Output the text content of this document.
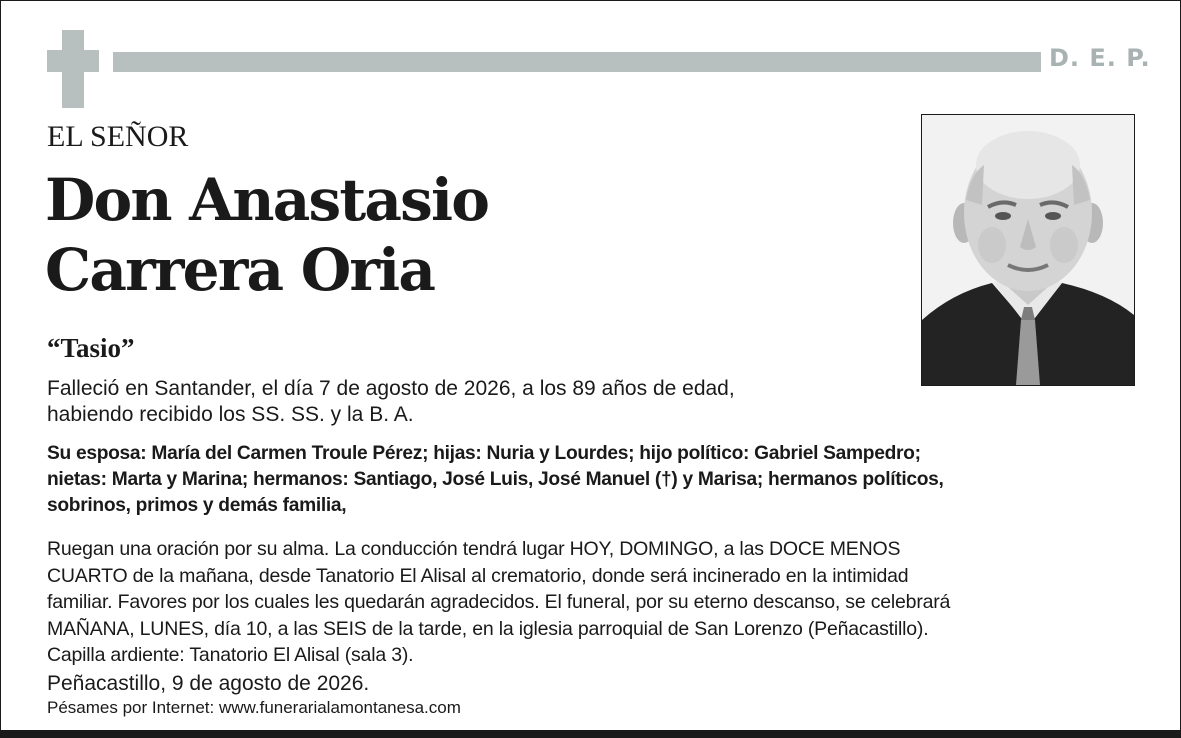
D. E. P.
EL SEÑOR
Don Anastasio
Carrera Oria
“Tasio”
Falleció en Santander, el día 7 de agosto de 2026, a los 89 años de edad,
habiendo recibido los SS. SS. y la B. A.
Su esposa: María del Carmen Troule Pérez; hijas: Nuria y Lourdes; hijo político: Gabriel Sampedro;
nietas: Marta y Marina; hermanos: Santiago, José Luis, José Manuel (†) y Marisa; hermanos políticos,
sobrinos, primos y demás familia,
Ruegan una oración por su alma. La conducción tendrá lugar HOY, DOMINGO, a las DOCE MENOS
CUARTO de la mañana, desde Tanatorio El Alisal al crematorio, donde será incinerado en la intimidad
familiar. Favores por los cuales les quedarán agradecidos. El funeral, por su eterno descanso, se celebrará
MAÑANA, LUNES, día 10, a las SEIS de la tarde, en la iglesia parroquial de San Lorenzo (Peñacastillo).
Capilla ardiente: Tanatorio El Alisal (sala 3).
Peñacastillo, 9 de agosto de 2026.
Pésames por Internet: www.funerarialamontanesa.com
